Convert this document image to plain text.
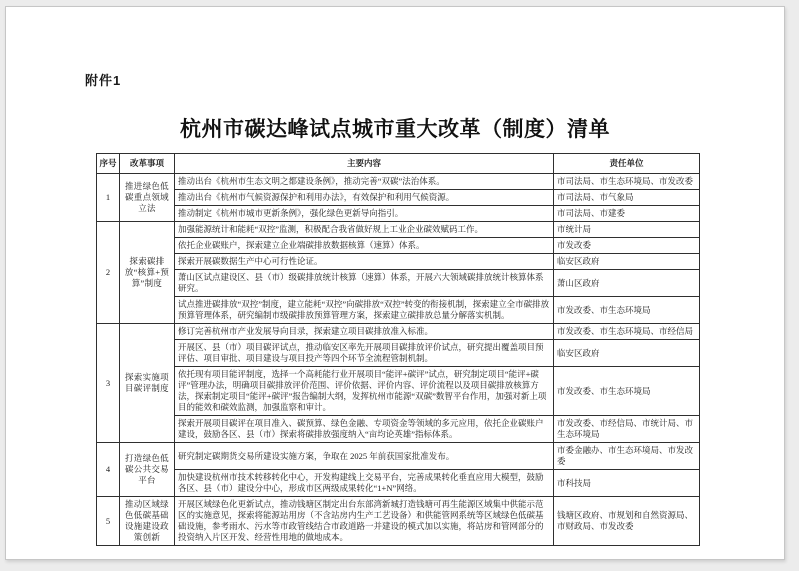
附件1
杭州市碳达峰试点城市重大改革（制度）清单
序号	改革事项	主要内容	责任单位
1	推进绿色低碳重点领域立法	推动出台《杭州市生态文明之都建设条例》，推动完善“双碳”法治体系。	市司法局、市生态环境局、市发改委
		推动出台《杭州市气候资源保护和利用办法》，有效保护和利用气候资源。	市司法局、市气象局
		推动制定《杭州市城市更新条例》，强化绿色更新导向指引。	市司法局、市建委
2	探索碳排放“核算+预算”制度	加强能源统计和能耗“双控”监测，积极配合我省做好规上工业企业碳效赋码工作。	市统计局
		依托企业碳账户，探索建立企业端碳排放数据核算（速算）体系。	市发改委
		探索开展碳数据生产中心可行性论证。	临安区政府
		萧山区试点建设区、县（市）级碳排放统计核算（速算）体系，开展六大领域碳排放统计核算体系研究。	萧山区政府
		试点推进碳排放“双控”制度，建立能耗“双控”向碳排放“双控”转变的衔接机制，探索建立全市碳排放预算管理体系，研究编制市级碳排放预算管理方案，探索建立碳排放总量分解落实机制。	市发改委、市生态环境局
3	探索实施项目碳评制度	修订完善杭州市产业发展导向目录，探索建立项目碳排放准入标准。	市发改委、市生态环境局、市经信局
		开展区、县（市）项目碳评试点，推动临安区率先开展项目碳排放评价试点，研究提出覆盖项目预评估、项目审批、项目建设与项目投产等四个环节全流程管制机制。	临安区政府
		依托现有项目能评制度，选择一个高耗能行业开展项目“能评+碳评”试点，研究制定项目“能评+碳评”管理办法，明确项目碳排放评价范围、评价依据、评价内容、评价流程以及项目碳排放核算方法，探索制定项目“能评+碳评”报告编制大纲，发挥杭州市能源“双碳”数智平台作用，加强对新上项目的能效和碳效监测，加强监察和审计。	市发改委、市生态环境局
		探索开展项目碳评在项目准入、碳预算、绿色金融、专项资金等领域的多元应用，依托企业碳账户建设，鼓励各区、县（市）探索将碳排放强度纳入“亩均论英雄”指标体系。	市发改委、市经信局、市统计局、市生态环境局
4	打造绿色低碳公共交易平台	研究制定碳期货交易所建设实施方案，争取在 2025 年前获国家批准发布。	市委金融办、市生态环境局、市发改委
		加快建设杭州市技术转移转化中心，开发构建线上交易平台，完善成果转化垂直应用大模型，鼓励各区、县（市）建设分中心，形成市区两级成果转化“1+N”网络。	市科技局
5	推动区域绿色低碳基础设施建设政策创新	开展区域绿色化更新试点，推动钱塘区制定出台东部湾新城打造钱塘可再生能源区域集中供能示范区的实施意见，探索将能源站用房（不含站房内生产工艺设备）和供能管网系统等区域绿色低碳基础设施，参考雨水、污水等市政管线结合市政道路一并建设的模式加以实施，将站房和管网部分的投资纳入片区开发、经营性用地的做地成本。	钱塘区政府、市规划和自然资源局、市财政局、市发改委
